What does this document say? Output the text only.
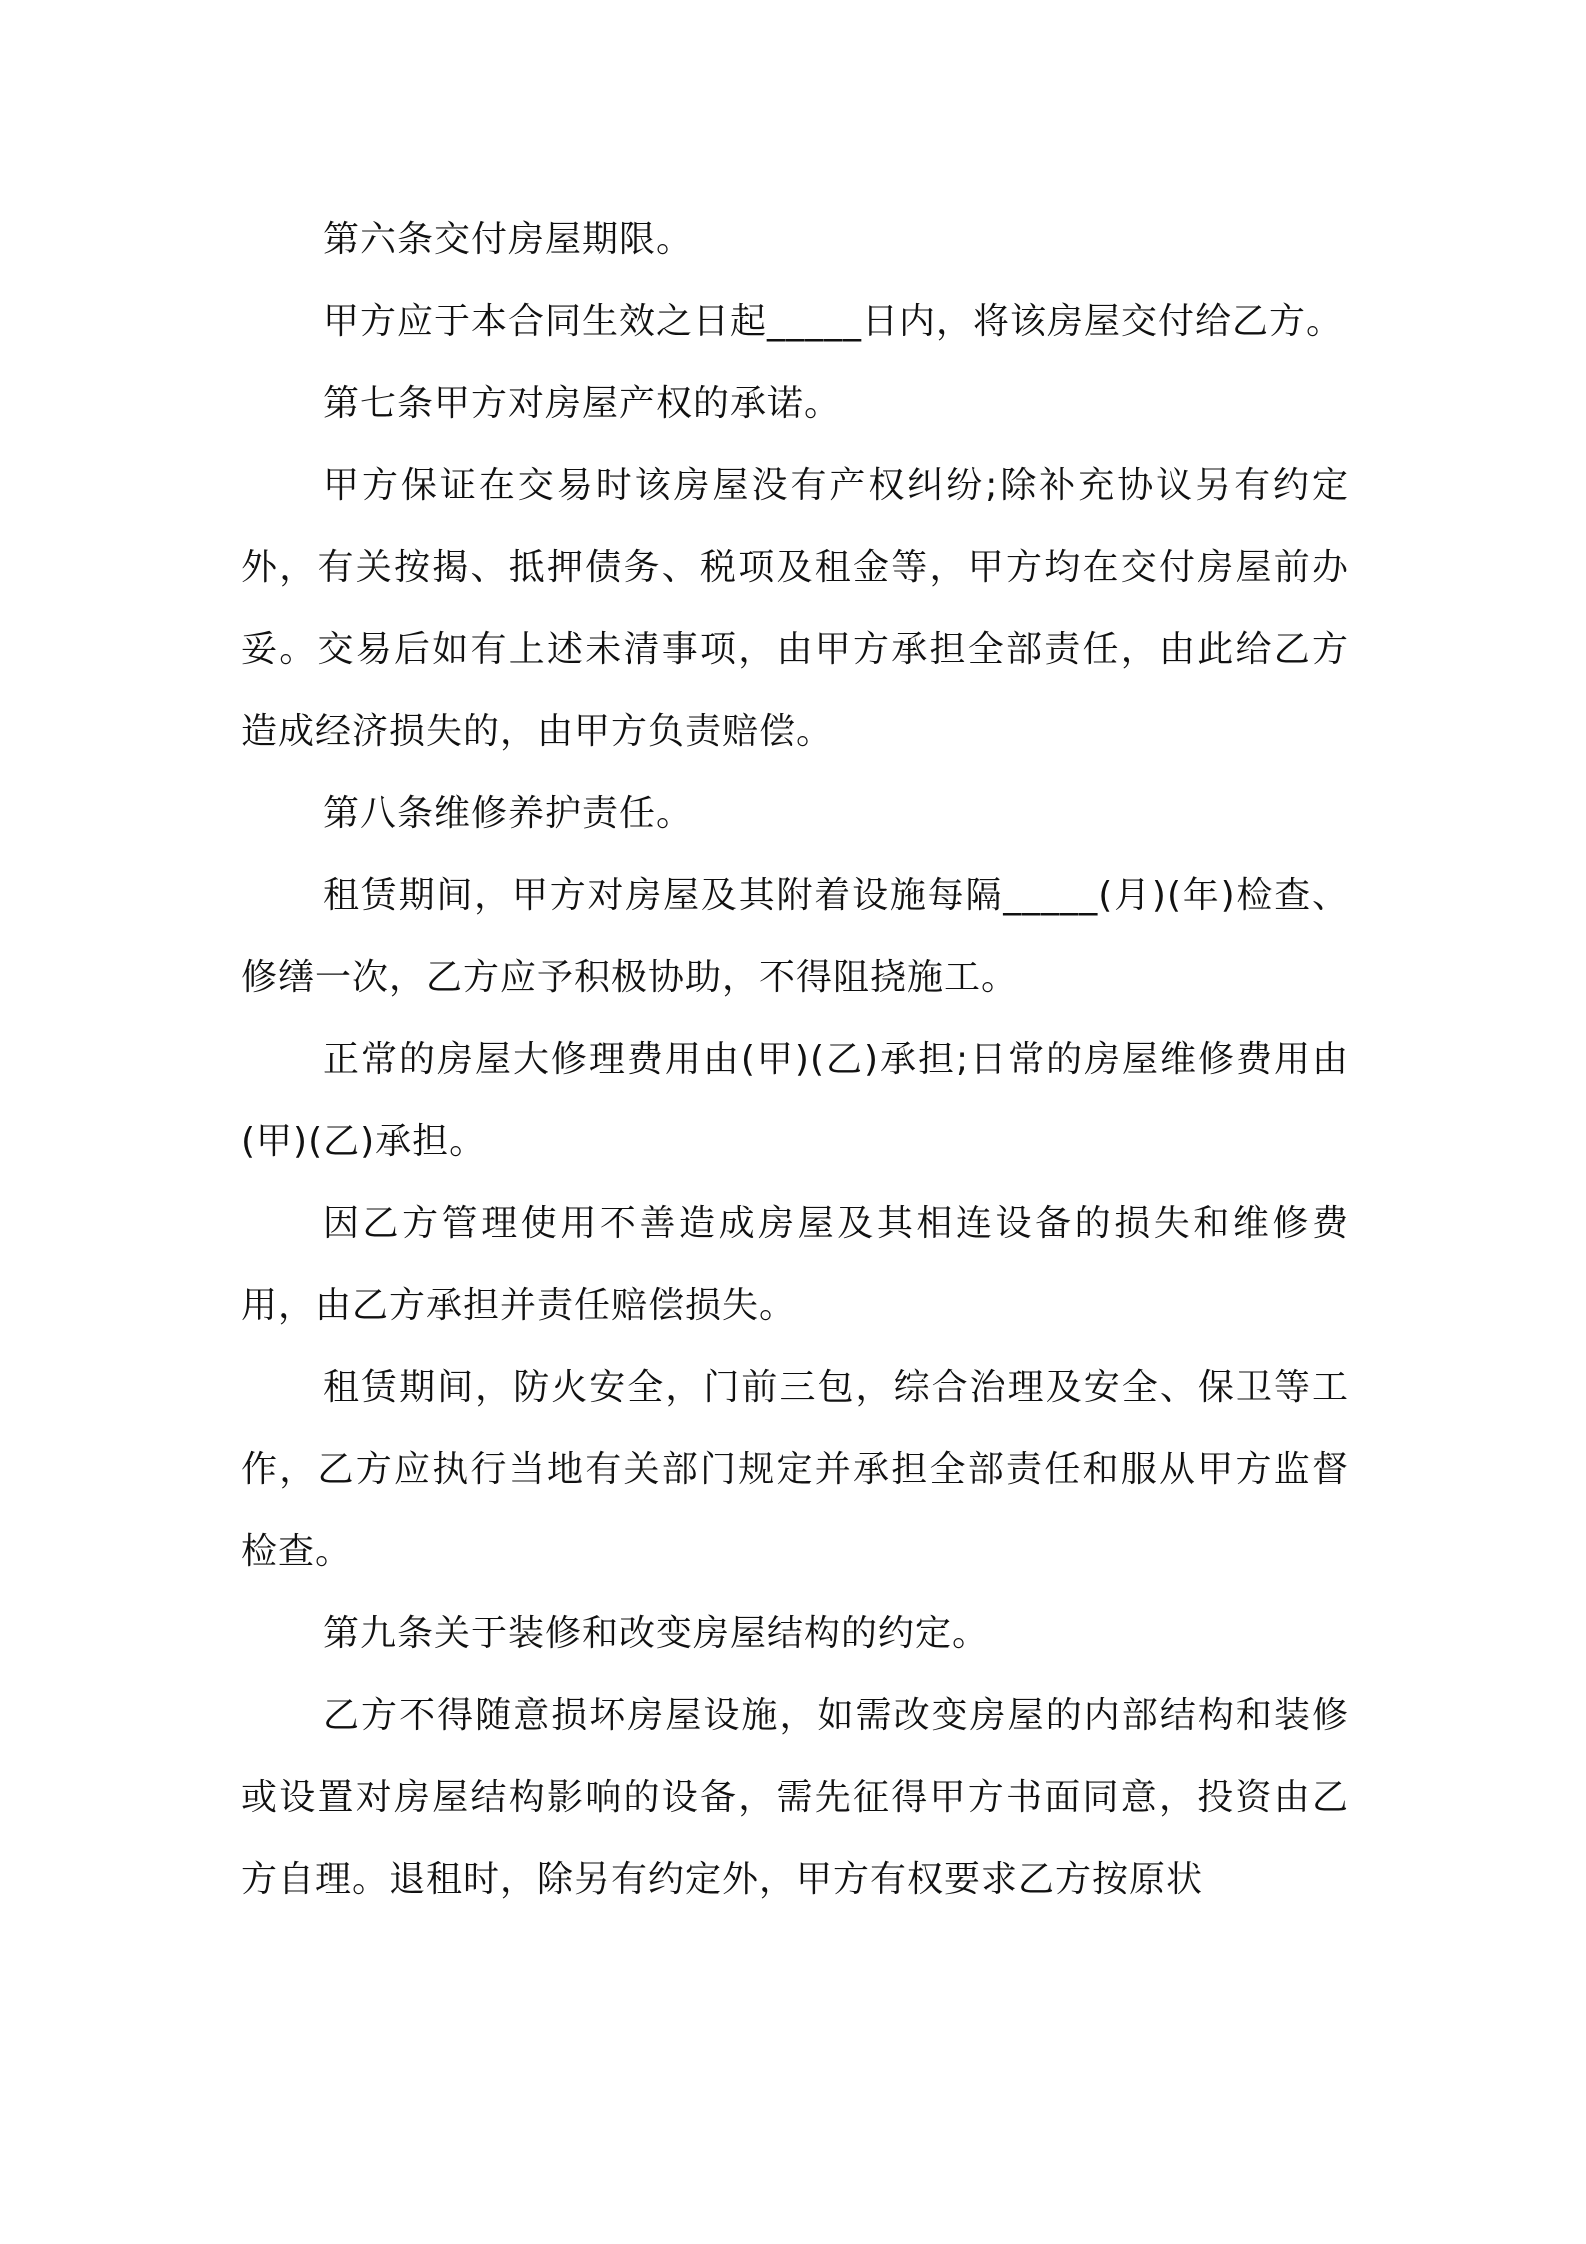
第六条交付房屋期限。

甲方应于本合同生效之日起_____日内，将该房屋交付给乙方。

第七条甲方对房屋产权的承诺。

甲方保证在交易时该房屋没有产权纠纷;除补充协议另有约定外，有关按揭、抵押债务、税项及租金等，甲方均在交付房屋前办妥。交易后如有上述未清事项，由甲方承担全部责任，由此给乙方造成经济损失的，由甲方负责赔偿。

第八条维修养护责任。

租赁期间，甲方对房屋及其附着设施每隔_____(月)(年)检查、修缮一次，乙方应予积极协助，不得阻挠施工。

正常的房屋大修理费用由(甲)(乙)承担;日常的房屋维修费用由(甲)(乙)承担。

因乙方管理使用不善造成房屋及其相连设备的损失和维修费用，由乙方承担并责任赔偿损失。

租赁期间，防火安全，门前三包，综合治理及安全、保卫等工作，乙方应执行当地有关部门规定并承担全部责任和服从甲方监督检查。

第九条关于装修和改变房屋结构的约定。

乙方不得随意损坏房屋设施，如需改变房屋的内部结构和装修或设置对房屋结构影响的设备，需先征得甲方书面同意，投资由乙方自理。退租时，除另有约定外，甲方有权要求乙方按原状
